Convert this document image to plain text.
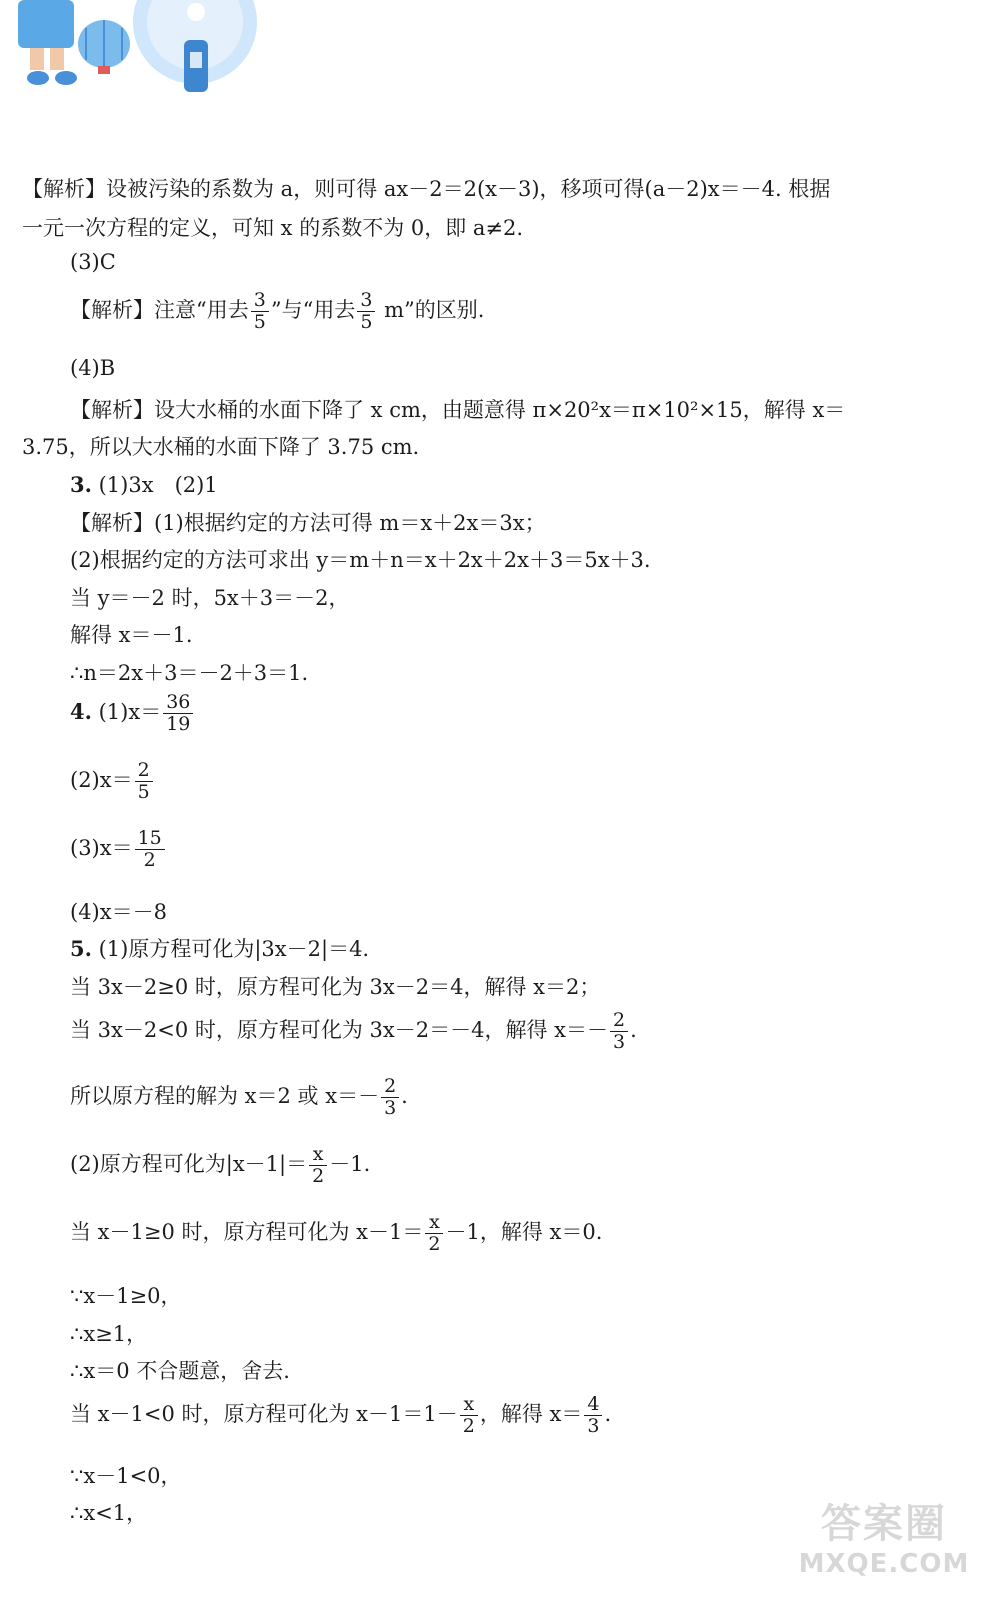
【解析】设被污染的系数为 a，则可得 ax－2＝2(x－3)，移项可得(a－2)x＝－4. 根据
一元一次方程的定义，可知 x 的系数不为 0，即 a≠2.
(3)C
【解析】注意“用去 $\frac{3}{5}$ ”与“用去 $\frac{3}{5} m$”的区别.
(4)B
【解析】设大水桶的水面下降了 x cm，由题意得 π×20²x＝π×10²×15，解得 x＝
3.75，所以大水桶的水面下降了 3.75 cm.
3. (1)3x　(2)1
【解析】(1)根据约定的方法可得 m＝x＋2x＝3x；
(2)根据约定的方法可求出 y＝m＋n＝x＋2x＋2x＋3＝5x＋3.
当 y＝－2 时，5x＋3＝－2，
解得 x＝－1.
∴n＝2x＋3＝－2＋3＝1.
4. $(1)x= \frac{36}{19}$
$(2)x= \frac{2}{5}$
$(3)x= \frac{15}{2}$
(4)x＝－8
5. (1)原方程可化为|3x－2|＝4.
当 3x－2≥0 时，原方程可化为 3x－2＝4，解得 x＝2；
当 3x－2<0 时，原方程可化为 3x－2＝－4，解得 $x=- \frac{2}{3}$ .
所以原方程的解为 x＝2 或 $x=- \frac{2}{3}$ .
(2)原方程可化为$|x-1|= \frac{x}{2} -1$.
当 x－1≥0 时，原方程可化为 $x-1= \frac{x}{2} -1$，解得 x＝0.
∵x－1≥0，
∴x≥1，
∴x＝0 不合题意，舍去.
当 x－1<0 时，原方程可化为 $x-1=1- \frac{x}{2}$ ，解得 $x= \frac{4}{3}$ .
∵x－1<0，
∴x<1，	答案圈
MXQE.COM
